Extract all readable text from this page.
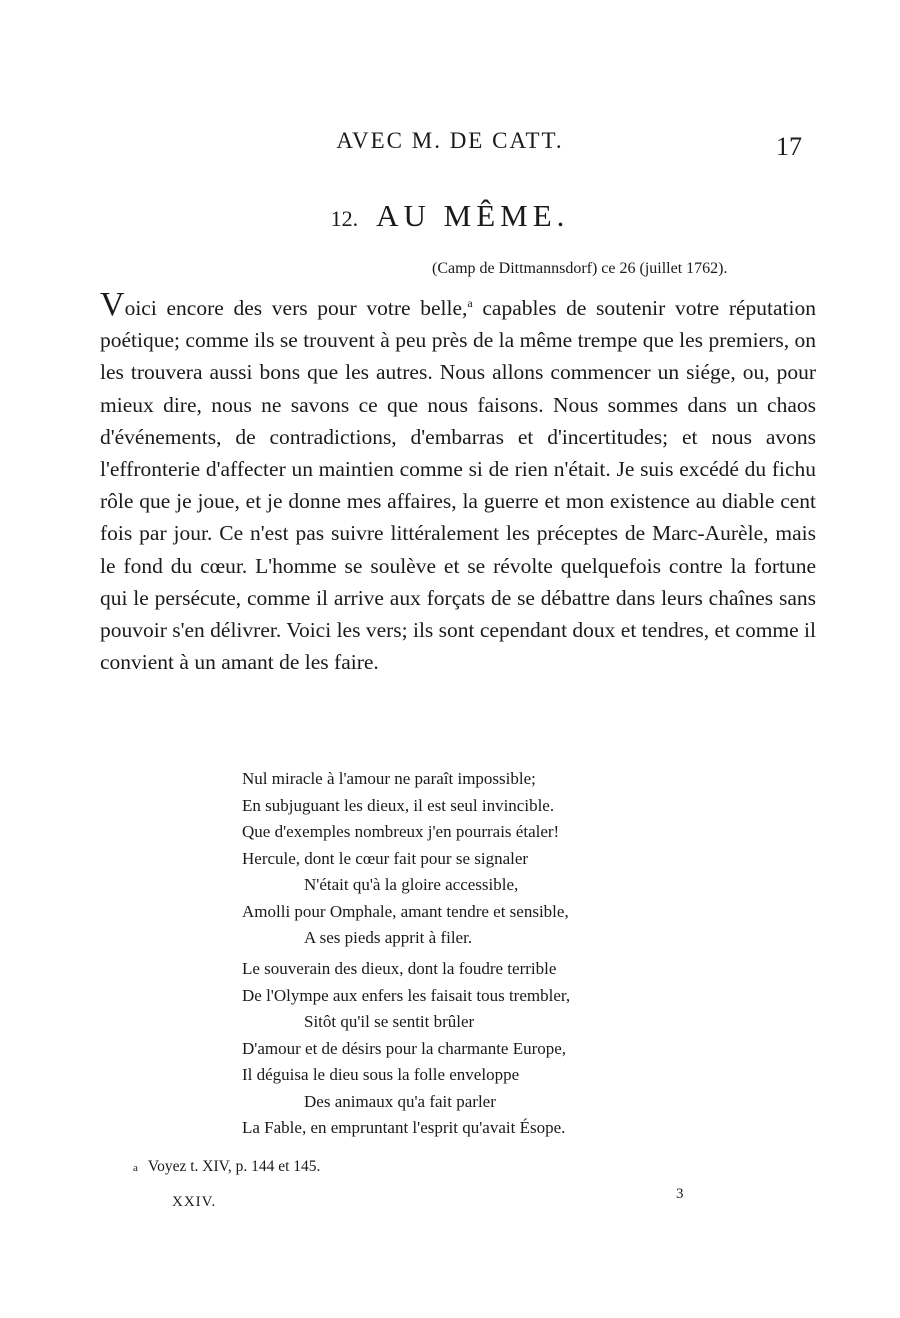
AVEC M. DE CATT.	17
12. AU MÊME.
(Camp de Dittmannsdorf) ce 26 (juillet 1762).

Voici encore des vers pour votre belle,$^a$ capables de soutenir votre réputation poétique; comme ils se trouvent à peu près de la même trempe que les premiers, on les trouvera aussi bons que les autres. Nous allons commencer un siége, ou, pour mieux dire, nous ne savons ce que nous faisons. Nous sommes dans un chaos d'événements, de contradictions, d'embarras et d'incertitudes; et nous avons l'effronterie d'affecter un maintien comme si de rien n'était. Je suis excédé du fichu rôle que je joue, et je donne mes affaires, la guerre et mon existence au diable cent fois par jour. Ce n'est pas suivre littéralement les préceptes de Marc-Aurèle, mais le fond du cœur. L'homme se soulève et se révolte quelquefois contre la fortune qui le persécute, comme il arrive aux forçats de se débattre dans leurs chaînes sans pouvoir s'en délivrer. Voici les vers; ils sont cependant doux et tendres, et comme il convient à un amant de les faire.

Nul miracle à l'amour ne paraît impossible;
En subjuguant les dieux, il est seul invincible.
Que d'exemples nombreux j'en pourrais étaler!
Hercule, dont le cœur fait pour se signaler
N'était qu'à la gloire accessible,
Amolli pour Omphale, amant tendre et sensible,
A ses pieds apprit à filer.
Le souverain des dieux, dont la foudre terrible
De l'Olympe aux enfers les faisait tous trembler,
Sitôt qu'il se sentit brûler
D'amour et de désirs pour la charmante Europe,
Il déguisa le dieu sous la folle enveloppe
Des animaux qu'a fait parler
La Fable, en empruntant l'esprit qu'avait Ésope.
a Voyez t. XIV, p. 144 et 145.
XXIV.	3
